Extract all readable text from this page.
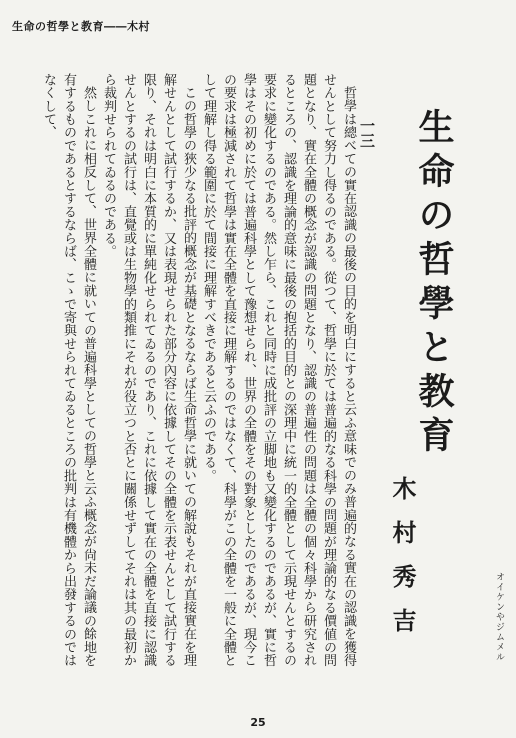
生命の哲學と教育――木村
生命の哲學と教育
木村秀吉
一三

哲學は總べての實在認識の最後の目的を明白にすると云ふ意味でのみ普遍的なる實在の認識を獲得せんとして努力し得るのである。從つて、哲學に於ては普遍的なる科學の問題が理論的なる價値の問題となり、實在全體の概念が認識の問題となり、認識の普遍性の問題は全體の個々科學から研究されるところの、認識を理論的意味に最後の抱括的目的との深理中に統一的全體として示現せんとするの要求に變化するのである。然し乍ら、これと同時に成批評の立脚地も又變化するのであるが、實に哲學はその初めに於ては普遍科學として豫想せられ、世界の全體をその對象としたのであるが、現今この要求は極減されて哲學は實在全體を直接に理解するのではなくて、科學がこの全體を一般に全體として理解し得る範圍に於て間接に理解すべきであると云ふのである。

この哲學の狹少なる批評的概念が基礎となるならば生命哲學に就いての解說もそれが直接實在を理解せんとして試行するか、又は表現せられた部分內容に依據してその全體を示表せんとして試行する限り、それは明白に本質的に單純化せられてゐるのであり、これに依據して實在の全體を直接に認識せんとするの試行は、直覺或は生物學的類推にそれが役立つと否とに關係せずしてそれは其の最初から裁判せられてゐるのである。

然しこれに相反して、世界全體に就いての普遍科學としての哲學と云ふ概念が尙未だ論議の餘地を有するものであるとするならば、こゝで寄與せられてゐるところの批判は有機體から出發するのではなくして、

オイケンやジムメル
25
